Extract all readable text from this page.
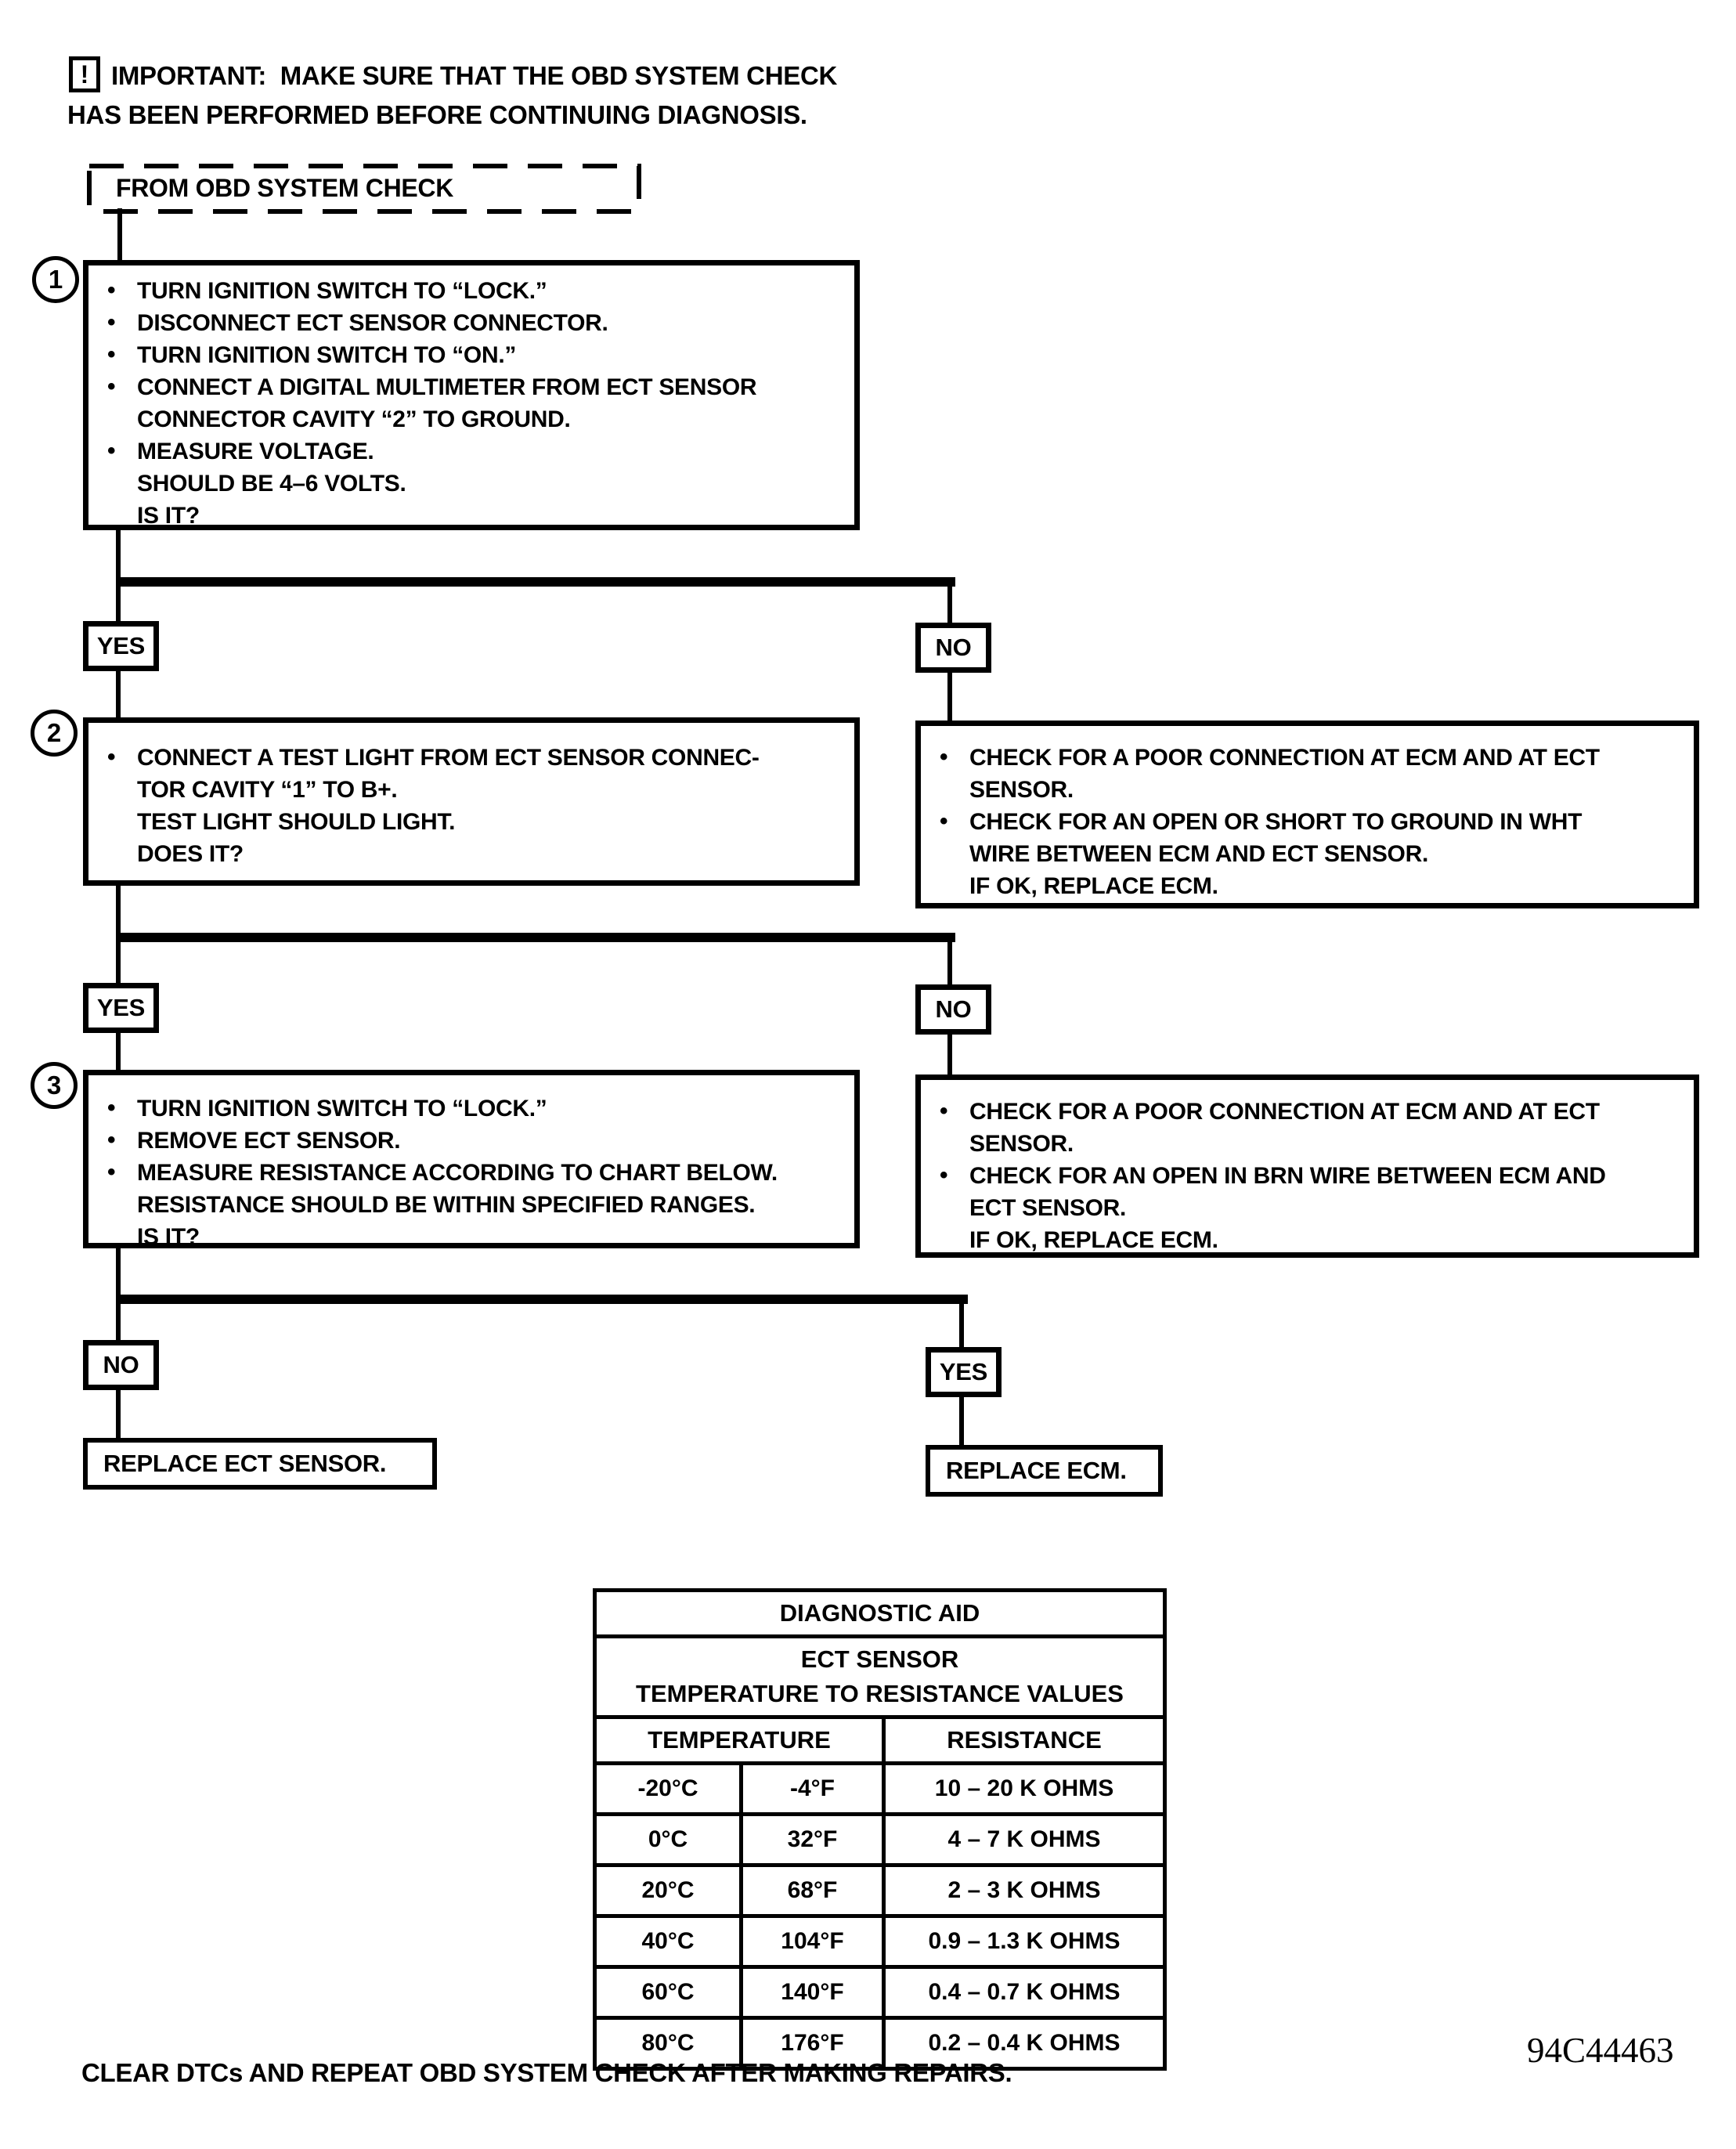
! IMPORTANT:  MAKE SURE THAT THE OBD SYSTEM CHECK
HAS BEEN PERFORMED BEFORE CONTINUING DIAGNOSIS.
FROM OBD SYSTEM CHECK
1	• TURN IGNITION SWITCH TO “LOCK.”
• DISCONNECT ECT SENSOR CONNECTOR.
• TURN IGNITION SWITCH TO “ON.”
• CONNECT A DIGITAL MULTIMETER FROM ECT SENSOR
CONNECTOR CAVITY “2” TO GROUND.
• MEASURE VOLTAGE.
SHOULD BE 4–6 VOLTS.
IS IT?
YES	NO
2
• CONNECT A TEST LIGHT FROM ECT SENSOR CONNEC-
TOR CAVITY “1” TO B+.
TEST LIGHT SHOULD LIGHT.
DOES IT?
• CHECK FOR A POOR CONNECTION AT ECM AND AT ECT
SENSOR.
• CHECK FOR AN OPEN OR SHORT TO GROUND IN WHT
WIRE BETWEEN ECM AND ECT SENSOR.
IF OK, REPLACE ECM.
YES	NO
3
• TURN IGNITION SWITCH TO “LOCK.”
• REMOVE ECT SENSOR.
• MEASURE RESISTANCE ACCORDING TO CHART BELOW.
RESISTANCE SHOULD BE WITHIN SPECIFIED RANGES.
IS IT?
• CHECK FOR A POOR CONNECTION AT ECM AND AT ECT
SENSOR.
• CHECK FOR AN OPEN IN BRN WIRE BETWEEN ECM AND
ECT SENSOR.
IF OK, REPLACE ECM.
NO	YES
REPLACE ECT SENSOR.	REPLACE ECM.
DIAGNOSTIC AID		

ECT SENSOR
TEMPERATURE TO RESISTANCE VALUES		

TEMPERATURE		RESISTANCE
-20°C	-4°F	10 – 20 K OHMS
0°C	32°F	4 – 7 K OHMS
20°C	68°F	2 – 3 K OHMS
40°C	104°F	0.9 – 1.3 K OHMS
60°C	140°F	0.4 – 0.7 K OHMS
80°C	176°F	0.2 – 0.4 K OHMS
CLEAR DTCs AND REPEAT OBD SYSTEM CHECK AFTER MAKING REPAIRS.
94C44463
